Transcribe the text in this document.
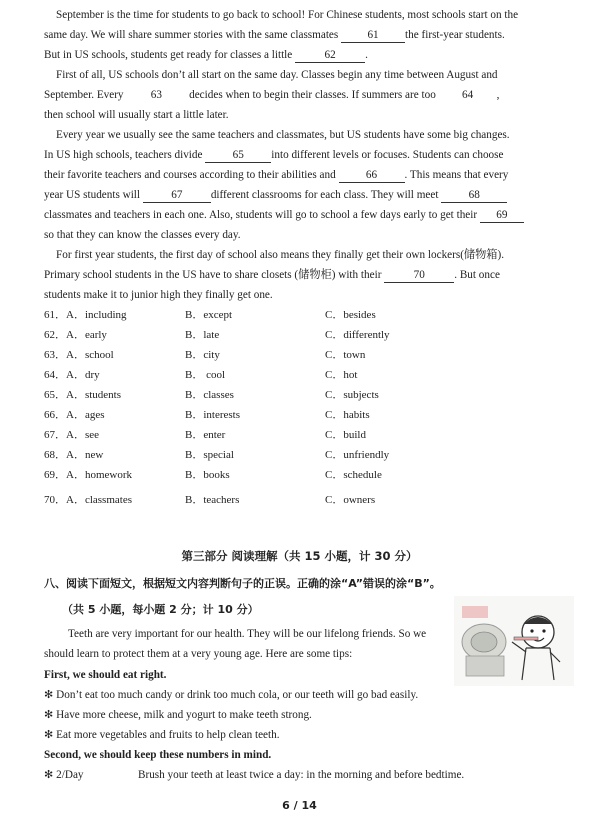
September is the time for students to go back to school! For Chinese students, most schools start on the
same day. We will share summer stories with the same classmates	61 the first-year students.
But in US schools, students get ready for classes a little	62	.
First of all, US schools don’t all start on the same day. Classes begin any time between August and
September. Every 63 decides when to begin their classes. If summers are too 64 ,
then school will usually start a little later.
Every year we usually see the same teachers and classmates, but US students have some big changes.
In US high schools, teachers divide	65 into different levels or focuses. Students can choose
their favorite teachers and courses according to their abilities and	66 . This means that every
year US students will	67	different classrooms for each class. They will meet	68
classmates and teachers in each one. Also, students will go to school a few days early to get their 69
so that they can know the classes every day.
For first year students, the first day of school also means they finally get their own lockers(储物箱).
Primary school students in the US have to share closets (储物柜) with their	70	. But once
students make it to junior high they finally get one.
61．A．including	B．except	C．besides
62．A．early	B．late	C．differently
63．A．school	B．city	C．town
64．A．dry	B． cool	C．hot
65．A．students	B．classes	C．subjects
66．A．ages	B．interests	C．habits
67．A．see	B．enter	C．build
68．A．new	B．special	C．unfriendly
69．A．homework	B．books	C．schedule
70．A．classmates	B．teachers	C．owners
第三部分 阅读理解（共 15 小题，计 30 分）
八、阅读下面短文，根据短文内容判断句子的正误。正确的涂“A”错误的涂“B”。
（共 5 小题，每小题 2 分；计 10 分）
Teeth are very important for our health. They will be our lifelong friends. So we
should learn to protect them at a very young age. Here are some tips:
First, we should eat right.
✻ Don’t eat too much candy or drink too much cola, or our teeth will go bad easily.
✻ Have more cheese, milk and yogurt to make teeth strong.
✻ Eat more vegetables and fruits to help clean teeth.
Second, we should keep these numbers in mind.
✻ 2/Day	Brush your teeth at least twice a day: in the morning and before bedtime.
6 / 14
